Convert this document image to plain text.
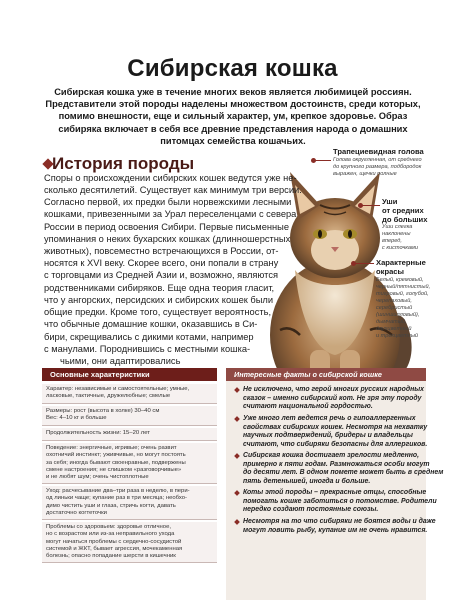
Сибирская кошка
Сибирская кошка уже в течение многих веков является любимицей россиян.
Представители этой породы наделены множеством достоинств, среди которых,
помимо внешности, еще и сильный характер, ум, крепкое здоровье. Образ
сибиряка включает в себя все древние представления народа о домашних
питомцах семейства кошачьих.
Трапециевидная голова
Голова округленная, от среднего
до крупного размера, подбородок
выражен, щечки полные
Уши
от средних
до больших
Уши слегка
наклонены
вперед,
с кисточками
Характерные
окрасы
Белый, кремовый,
черный/пятнистый,
тигровый, голубой,
черепаховый,
серебристый
(шиншилловый),
дымчатый,
двухцветный
и трехцветный
История породы
Споры о происхождении сибирских кошек ведутся уже не-
сколько десятилетий. Существует как минимум три версии.
Согласно первой, их предки были норвежскими лесными
кошками, привезенными за Урал переселенцами с севера
России в период освоения Сибири. Первые письменные
упоминания о неких бухарских кошках (длинношерстных
животных), повсеместно встречающихся в России, от-
носятся к XVI веку. Скорее всего, они попали в страну
с торговцами из Средней Азии и, возможно, являются
родственниками сибиряков. Еще одна теория гласит,
что у ангорских, персидских и сибирских кошек были
общие предки. Кроме того, существует вероятность,
что обычные домашние кошки, оказавшись в Си-
бири, скрещивались с дикими котами, например
с манулами. Породнившись с местными кошка-
чьими, они адаптировались
Основные характеристики
Характер: независимые и самостоятельные; умные,
ласковые, тактичные, дружелюбные; смелые
Размеры: рост (высота в холке) 30–40 см
Вес: 4–10 кг и больше
Продолжительность жизни: 15–20 лет
Поведение: энергичные, игривые; очень развит
охотничий инстинкт; уживчивые, но могут постоять
за себя; иногда бывают своенравные, подвержены
смене настроения; не слишком «разговорчивые»
и не любят шум; очень чистоплотные
Уход: расчесывание два–три раза в неделю, в пери-
од линьки чаще; купание раз в три месяца; необхо-
димо чистить уши и глаза, стричь когти, давать
достаточно когтеточки
Проблемы со здоровьем: здоровье отличное,
но с возрастом или из-за неправильного ухода
могут начаться проблемы с сердечно-сосудистой
системой и ЖКТ, бывает агрессия, мочекаменная
болезнь; опасно попадание шерсти в кишечник
Интересные факты о сибирской кошке
Не исключено, что герой многих русских народных
сказок – именно сибирский кот. Не зря эту породу
считают национальной гордостью.
Уже много лет ведется речь о гипоаллергенных
свойствах сибирских кошек. Несмотря на нехватку
научных подтверждений, бридеры и владельцы
считают, что сибиряки безопасны для аллергиков.
Сибирская кошка достигает зрелости медленно,
примерно к пяти годам. Размножаться особи могут
до десяти лет. В одном помете может быть в среднем
пять детенышей, иногда и больше.
Коты этой породы – прекрасные отцы, способные
помогать кошке заботиться о потомстве. Родители
нередко создают постоянные союзы.
Несмотря на то что сибиряки не боятся воды и даже
могут ловить рыбу, купание им не очень нравится.
